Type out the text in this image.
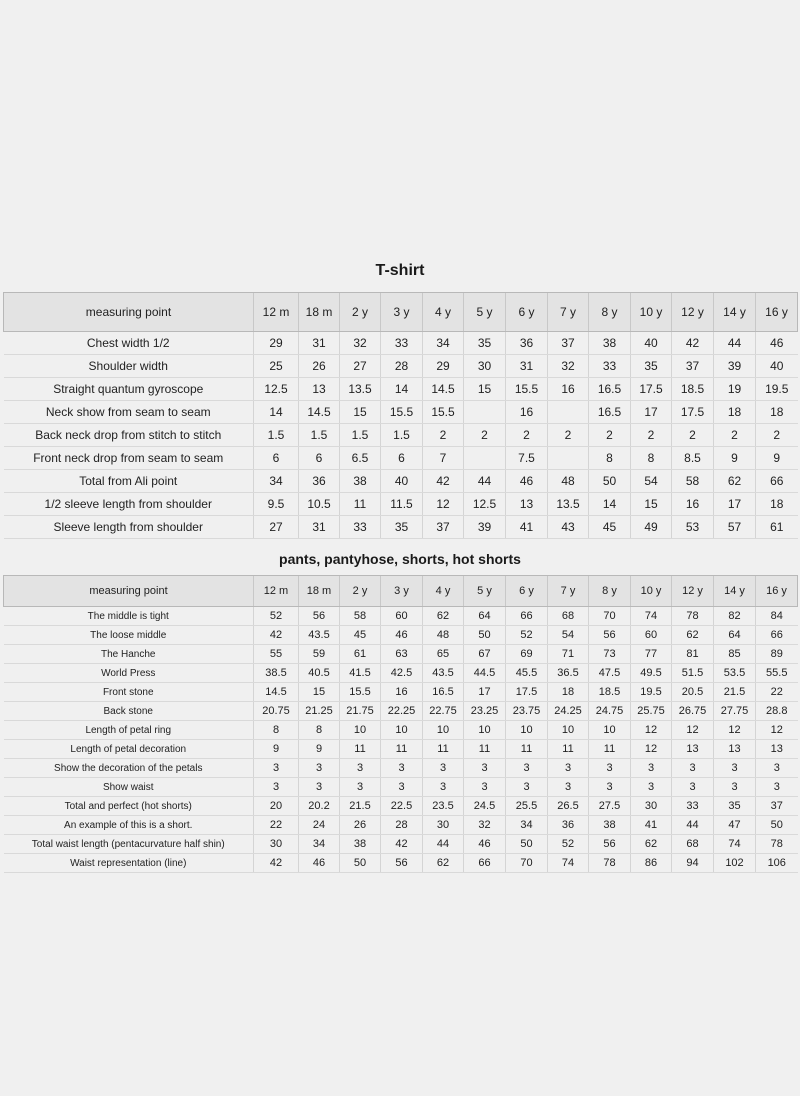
T-shirt
measuring point	12 m	18 m	2 y	3 y	4 y	5 y	6 y	7 y	8 y	10 y	12 y	14 y	16 y
Chest width 1/2	29	31	32	33	34	35	36	37	38	40	42	44	46
Shoulder width	25	26	27	28	29	30	31	32	33	35	37	39	40
Straight quantum gyroscope	12.5	13	13.5	14	14.5	15	15.5	16	16.5	17.5	18.5	19	19.5
Neck show from seam to seam	14	14.5	15	15.5	15.5		16		16.5	17	17.5	18	18
Back neck drop from stitch to stitch	1.5	1.5	1.5	1.5	2	2	2	2	2	2	2	2	2
Front neck drop from seam to seam	6	6	6.5	6	7		7.5		8	8	8.5	9	9
Total from Ali point	34	36	38	40	42	44	46	48	50	54	58	62	66
1/2 sleeve length from shoulder	9.5	10.5	11	11.5	12	12.5	13	13.5	14	15	16	17	18
Sleeve length from shoulder	27	31	33	35	37	39	41	43	45	49	53	57	61
pants, pantyhose, shorts, hot shorts
measuring point	12 m	18 m	2 y	3 y	4 y	5 y	6 y	7 y	8 y	10 y	12 y	14 y	16 y
The middle is tight	52	56	58	60	62	64	66	68	70	74	78	82	84
The loose middle	42	43.5	45	46	48	50	52	54	56	60	62	64	66
The Hanche	55	59	61	63	65	67	69	71	73	77	81	85	89
World Press	38.5	40.5	41.5	42.5	43.5	44.5	45.5	36.5	47.5	49.5	51.5	53.5	55.5
Front stone	14.5	15	15.5	16	16.5	17	17.5	18	18.5	19.5	20.5	21.5	22
Back stone	20.75	21.25	21.75	22.25	22.75	23.25	23.75	24.25	24.75	25.75	26.75	27.75	28.8
Length of petal ring	8	8	10	10	10	10	10	10	10	12	12	12	12
Length of petal decoration	9	9	11	11	11	11	11	11	11	12	13	13	13
Show the decoration of the petals	3	3	3	3	3	3	3	3	3	3	3	3	3
Show waist	3	3	3	3	3	3	3	3	3	3	3	3	3
Total and perfect (hot shorts)	20	20.2	21.5	22.5	23.5	24.5	25.5	26.5	27.5	30	33	35	37
An example of this is a short.	22	24	26	28	30	32	34	36	38	41	44	47	50
Total waist length (pentacurvature half shin)	30	34	38	42	44	46	50	52	56	62	68	74	78
Waist representation (line)	42	46	50	56	62	66	70	74	78	86	94	102	106
